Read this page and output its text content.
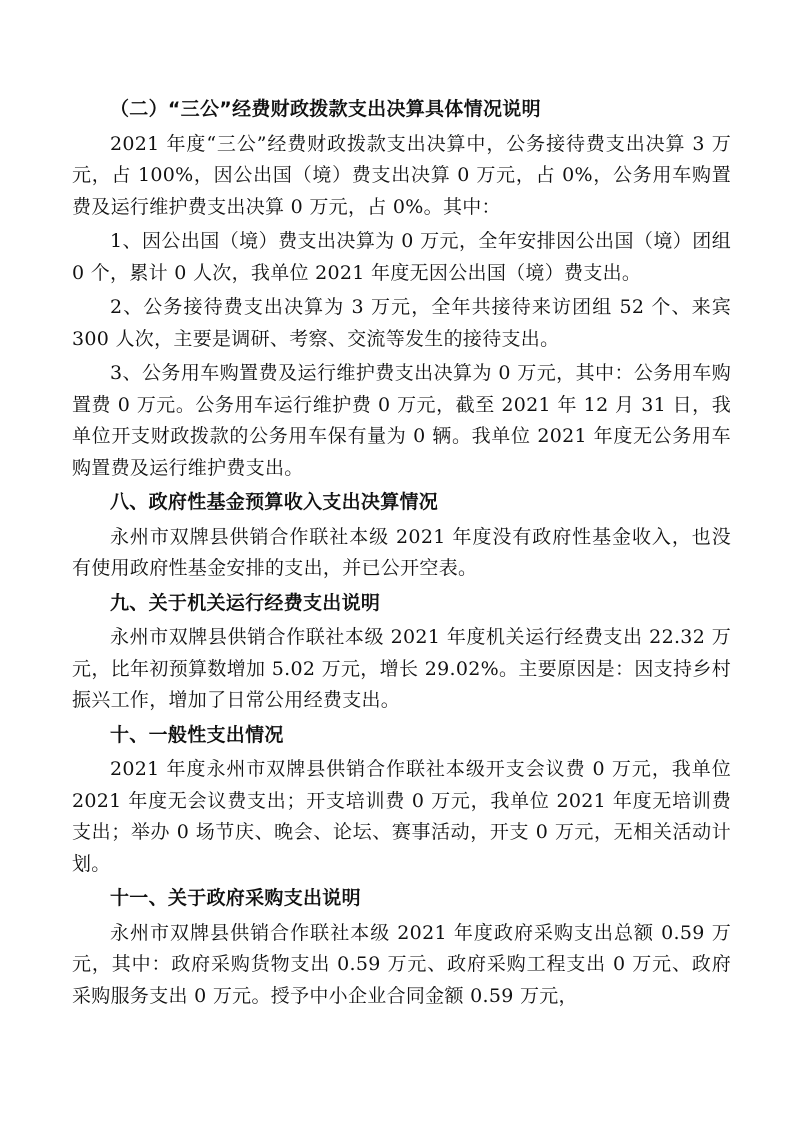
（二）“三公”经费财政拨款支出决算具体情况说明

2021 年度“三公”经费财政拨款支出决算中，公务接待费支出决算 3 万元，占 100%，因公出国（境）费支出决算 0 万元，占 0%，公务用车购置费及运行维护费支出决算 0 万元，占 0%。其中：

1、因公出国（境）费支出决算为 0 万元，全年安排因公出国（境）团组 0 个，累计 0 人次，我单位 2021 年度无因公出国（境）费支出。

2、公务接待费支出决算为 3 万元，全年共接待来访团组 52 个、来宾 300 人次，主要是调研、考察、交流等发生的接待支出。

3、公务用车购置费及运行维护费支出决算为 0 万元，其中：公务用车购置费 0 万元。公务用车运行维护费 0 万元，截至 2021 年 12 月 31 日，我单位开支财政拨款的公务用车保有量为 0 辆。我单位 2021 年度无公务用车购置费及运行维护费支出。

八、政府性基金预算收入支出决算情况

永州市双牌县供销合作联社本级 2021 年度没有政府性基金收入，也没有使用政府性基金安排的支出，并已公开空表。

九、关于机关运行经费支出说明

永州市双牌县供销合作联社本级 2021 年度机关运行经费支出 22.32 万元，比年初预算数增加 5.02 万元，增长 29.02%。主要原因是：因支持乡村振兴工作，增加了日常公用经费支出。

十、一般性支出情况

2021 年度永州市双牌县供销合作联社本级开支会议费 0 万元，我单位 2021 年度无会议费支出；开支培训费 0 万元，我单位 2021 年度无培训费支出；举办 0 场节庆、晚会、论坛、赛事活动，开支 0 万元，无相关活动计划。

十一、关于政府采购支出说明

永州市双牌县供销合作联社本级 2021 年度政府采购支出总额 0.59 万元，其中：政府采购货物支出 0.59 万元、政府采购工程支出 0 万元、政府采购服务支出 0 万元。授予中小企业合同金额 0.59 万元，
